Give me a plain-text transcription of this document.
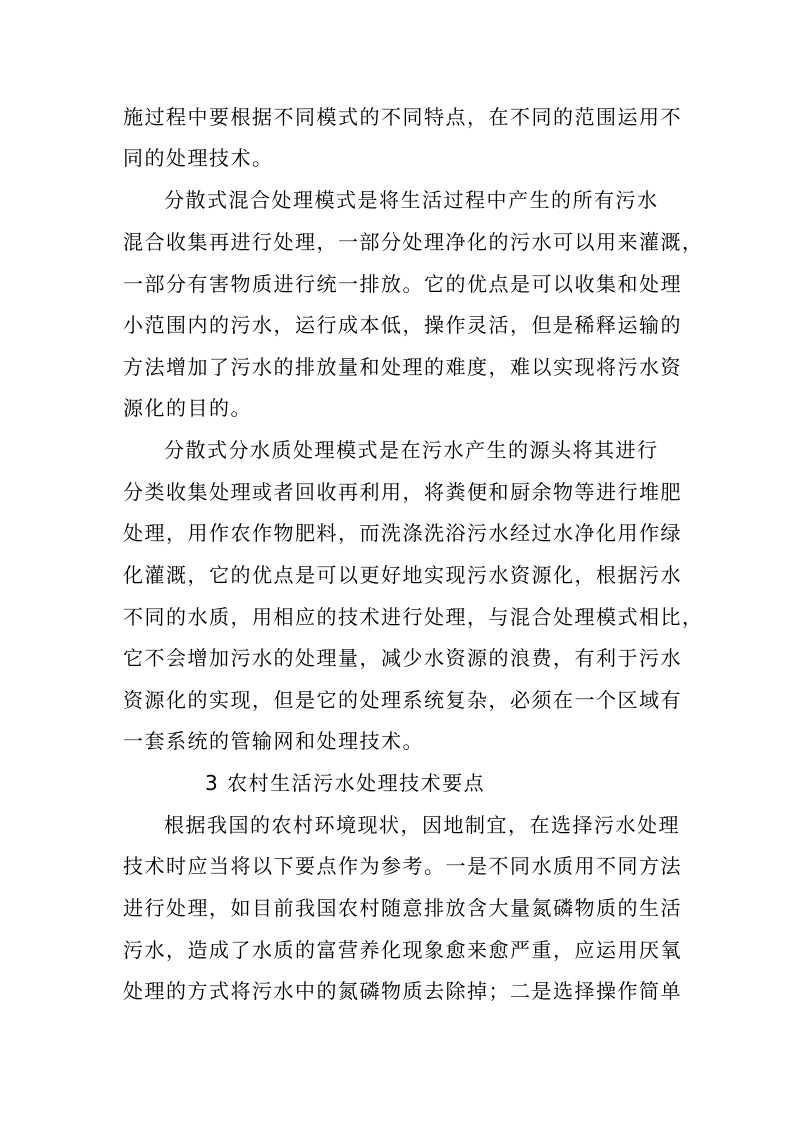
施过程中要根据不同模式的不同特点，在不同的范围运用不
同的处理技术。
分散式混合处理模式是将生活过程中产生的所有污水
混合收集再进行处理，一部分处理净化的污水可以用来灌溉，
一部分有害物质进行统一排放。它的优点是可以收集和处理
小范围内的污水，运行成本低，操作灵活，但是稀释运输的
方法增加了污水的排放量和处理的难度，难以实现将污水资
源化的目的。
分散式分水质处理模式是在污水产生的源头将其进行
分类收集处理或者回收再利用，将粪便和厨余物等进行堆肥
处理，用作农作物肥料，而洗涤洗浴污水经过水净化用作绿
化灌溉，它的优点是可以更好地实现污水资源化，根据污水
不同的水质，用相应的技术进行处理，与混合处理模式相比，
它不会增加污水的处理量，减少水资源的浪费，有利于污水
资源化的实现，但是它的处理系统复杂，必须在一个区域有
一套系统的管输网和处理技术。
3 农村生活污水处理技术要点
根据我国的农村环境现状，因地制宜，在选择污水处理
技术时应当将以下要点作为参考。一是不同水质用不同方法
进行处理，如目前我国农村随意排放含大量氮磷物质的生活
污水，造成了水质的富营养化现象愈来愈严重，应运用厌氧
处理的方式将污水中的氮磷物质去除掉；二是选择操作简单
